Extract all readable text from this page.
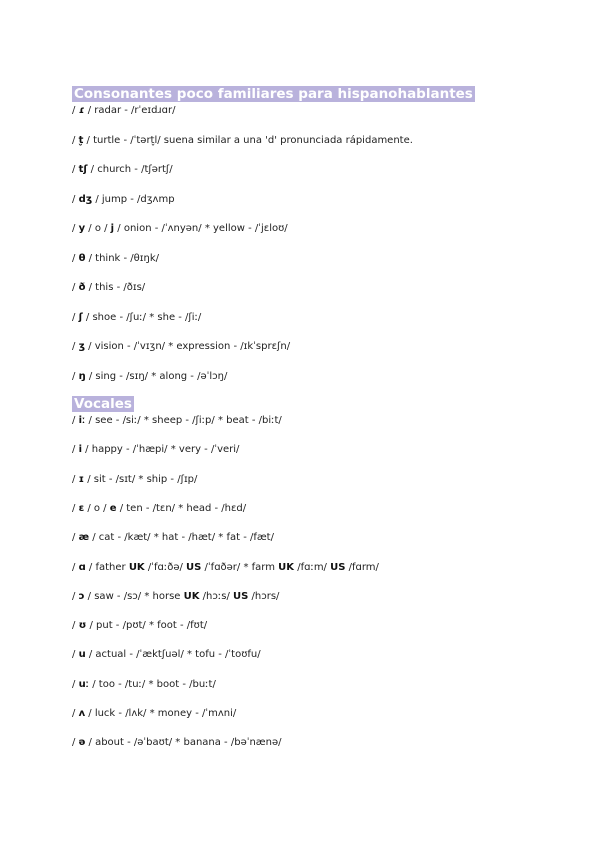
Consonantes poco familiares para hispanohablantes
/ ɾ / radar - /rˈeɪdɹɑr/
/ t̬ / turtle - /ˈtərt̬l/ suena similar a una 'd' pronunciada rápidamente.
/ tʃ / church - /tʃərtʃ/
/ dʒ / jump - /dʒʌmp
/ y / o / j / onion - /ˈʌnyən/ * yellow - /ˈjɛloʊ/
/ θ / think - /θɪŋk/
/ ð / this - /ðɪs/
/ ʃ / shoe - /ʃuː/ * she - /ʃiː/
/ ʒ / vision - /ˈvɪʒn/ * expression - /ɪkˈsprɛʃn/
/ ŋ / sing - /sɪŋ/ * along - /əˈlɔŋ/
Vocales
/ iː / see - /siː/ * sheep - /ʃiːp/ * beat - /biːt/
/ i / happy - /ˈhæpi/ * very - /ˈveri/
/ ɪ / sit - /sɪt/ * ship - /ʃɪp/
/ ɛ / o / e / ten - /tɛn/ * head - /hɛd/
/ æ / cat - /kæt/ * hat - /hæt/ * fat - /fæt/
/ ɑ / father UK /ˈfɑːðə/ US /ˈfɑðər/ * farm UK /fɑːm/ US /fɑrm/
/ ɔ / saw - /sɔ/ * horse UK /hɔːs/ US /hɔrs/
/ ʊ / put - /pʊt/ * foot - /fʊt/
/ u / actual - /ˈæktʃuəl/ * tofu - /ˈtoʊfu/
/ uː / too - /tuː/ * boot - /buːt/
/ ʌ / luck - /lʌk/ * money - /ˈmʌni/
/ ə / about - /əˈbaʊt/ * banana - /bəˈnænə/
